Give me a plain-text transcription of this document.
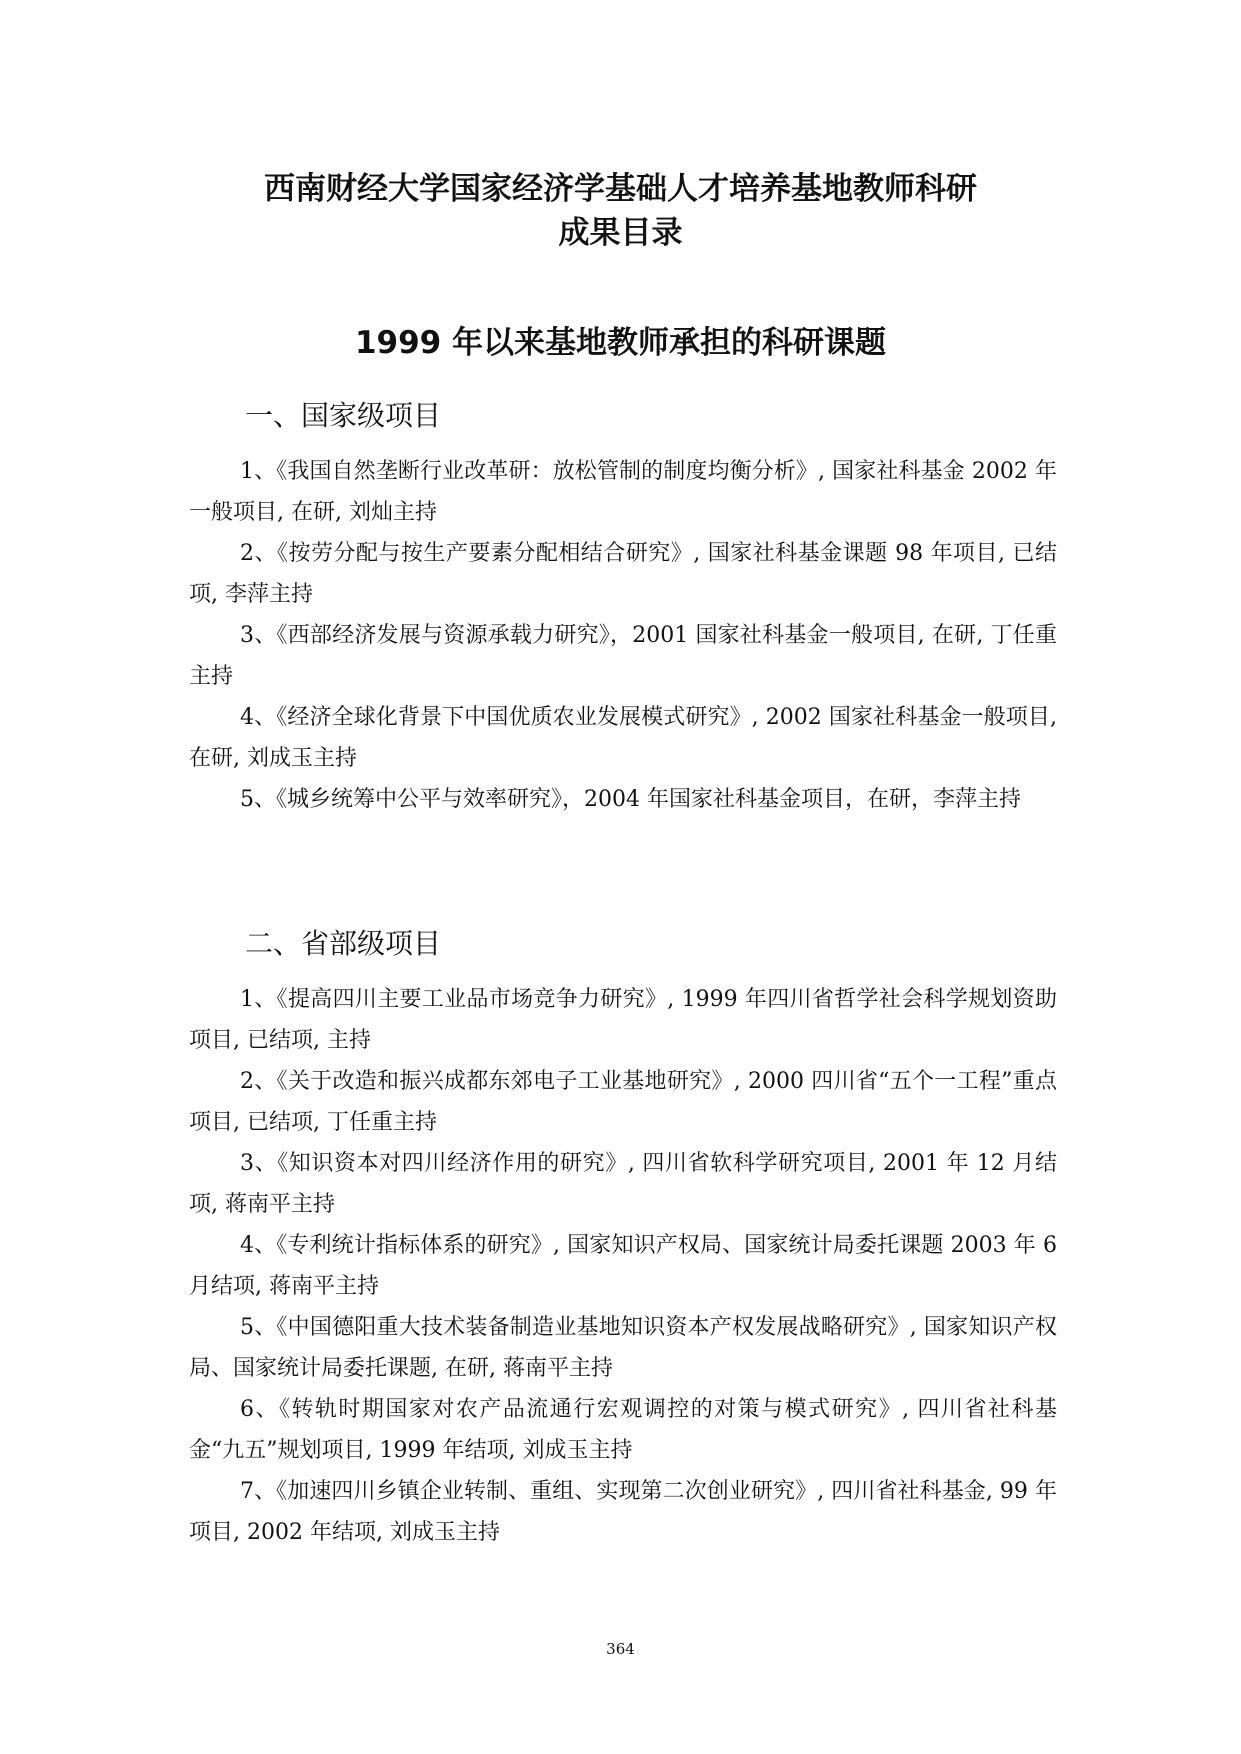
西南财经大学国家经济学基础人才培养基地教师科研
成果目录
1999 年以来基地教师承担的科研课题
一、国家级项目

1、《我国自然垄断行业改革研：放松管制的制度均衡分析》, 国家社科基金 2002 年一般项目, 在研, 刘灿主持

2、《按劳分配与按生产要素分配相结合研究》, 国家社科基金课题 98 年项目, 已结项, 李萍主持

3、《西部经济发展与资源承载力研究》，2001 国家社科基金一般项目, 在研, 丁任重主持

4、《经济全球化背景下中国优质农业发展模式研究》, 2002 国家社科基金一般项目, 在研, 刘成玉主持

5、《城乡统筹中公平与效率研究》，2004 年国家社科基金项目，在研，李萍主持

二、省部级项目

1、《提高四川主要工业品市场竞争力研究》, 1999 年四川省哲学社会科学规划资助项目, 已结项, 主持

2、《关于改造和振兴成都东郊电子工业基地研究》, 2000 四川省“五个一工程”重点项目, 已结项, 丁任重主持

3、《知识资本对四川经济作用的研究》, 四川省软科学研究项目, 2001 年 12 月结项, 蒋南平主持

4、《专利统计指标体系的研究》, 国家知识产权局、国家统计局委托课题 2003 年 6 月结项, 蒋南平主持

5、《中国德阳重大技术装备制造业基地知识资本产权发展战略研究》, 国家知识产权局、国家统计局委托课题, 在研, 蒋南平主持

6、《转轨时期国家对农产品流通行宏观调控的对策与模式研究》, 四川省社科基金“九五”规划项目, 1999 年结项, 刘成玉主持

7、《加速四川乡镇企业转制、重组、实现第二次创业研究》, 四川省社科基金, 99 年项目, 2002 年结项, 刘成玉主持

364
